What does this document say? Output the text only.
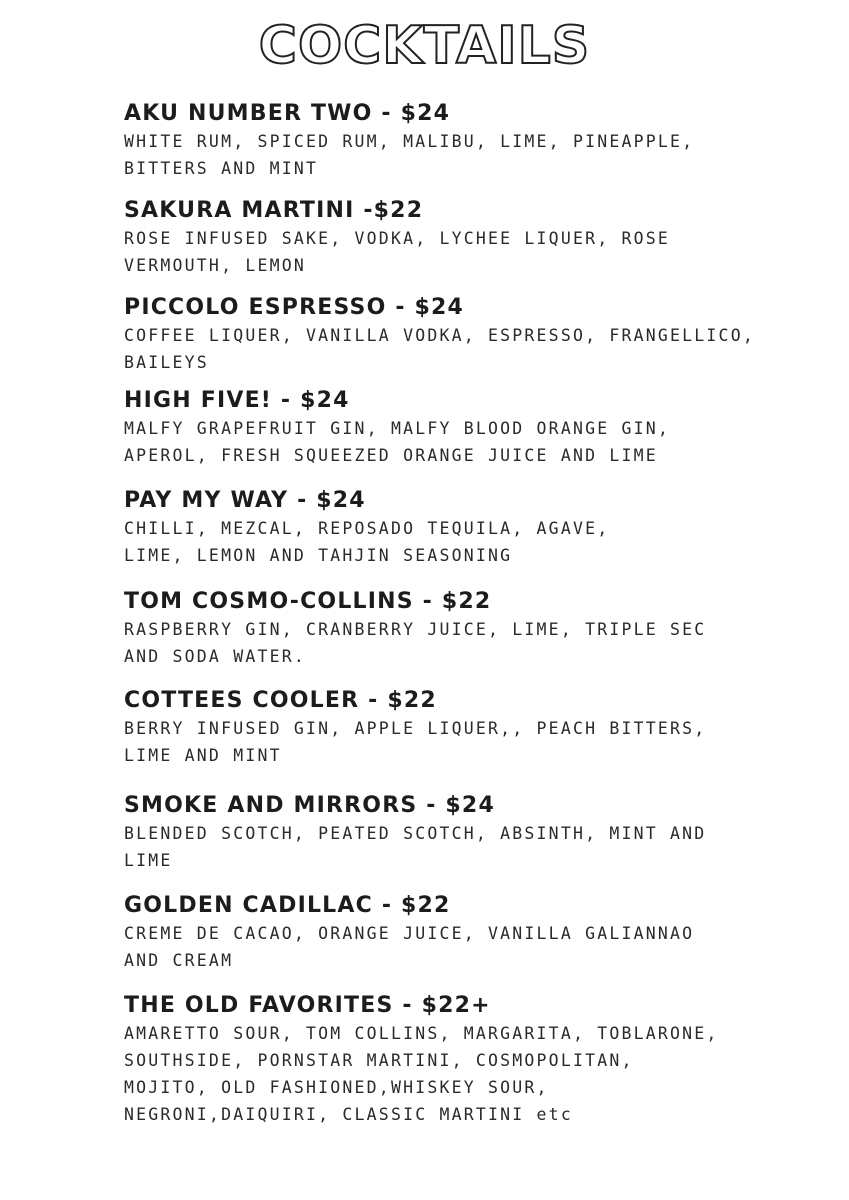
COCKTAILS
AKU NUMBER TWO - $24
WHITE RUM, SPICED RUM, MALIBU, LIME, PINEAPPLE,
BITTERS AND MINT
SAKURA MARTINI -$22
ROSE INFUSED SAKE, VODKA, LYCHEE LIQUER, ROSE
VERMOUTH, LEMON
PICCOLO ESPRESSO - $24
COFFEE LIQUER, VANILLA VODKA, ESPRESSO, FRANGELLICO,
BAILEYS
HIGH FIVE! - $24
MALFY GRAPEFRUIT GIN, MALFY BLOOD ORANGE GIN,
APEROL, FRESH SQUEEZED ORANGE JUICE AND LIME
PAY MY WAY - $24
CHILLI, MEZCAL, REPOSADO TEQUILA, AGAVE,
LIME, LEMON AND TAHJIN SEASONING
TOM COSMO-COLLINS - $22
RASPBERRY GIN, CRANBERRY JUICE, LIME, TRIPLE SEC
AND SODA WATER.
COTTEES COOLER - $22
BERRY INFUSED GIN, APPLE LIQUER,, PEACH BITTERS,
LIME AND MINT
SMOKE AND MIRRORS - $24
BLENDED SCOTCH, PEATED SCOTCH, ABSINTH, MINT AND
LIME
GOLDEN CADILLAC - $22
CREME DE CACAO, ORANGE JUICE, VANILLA GALIANNAO
AND CREAM
THE OLD FAVORITES - $22+
AMARETTO SOUR, TOM COLLINS, MARGARITA, TOBLARONE,
SOUTHSIDE, PORNSTAR MARTINI, COSMOPOLITAN,
MOJITO, OLD FASHIONED,WHISKEY SOUR,
NEGRONI,DAIQUIRI, CLASSIC MARTINI etc
